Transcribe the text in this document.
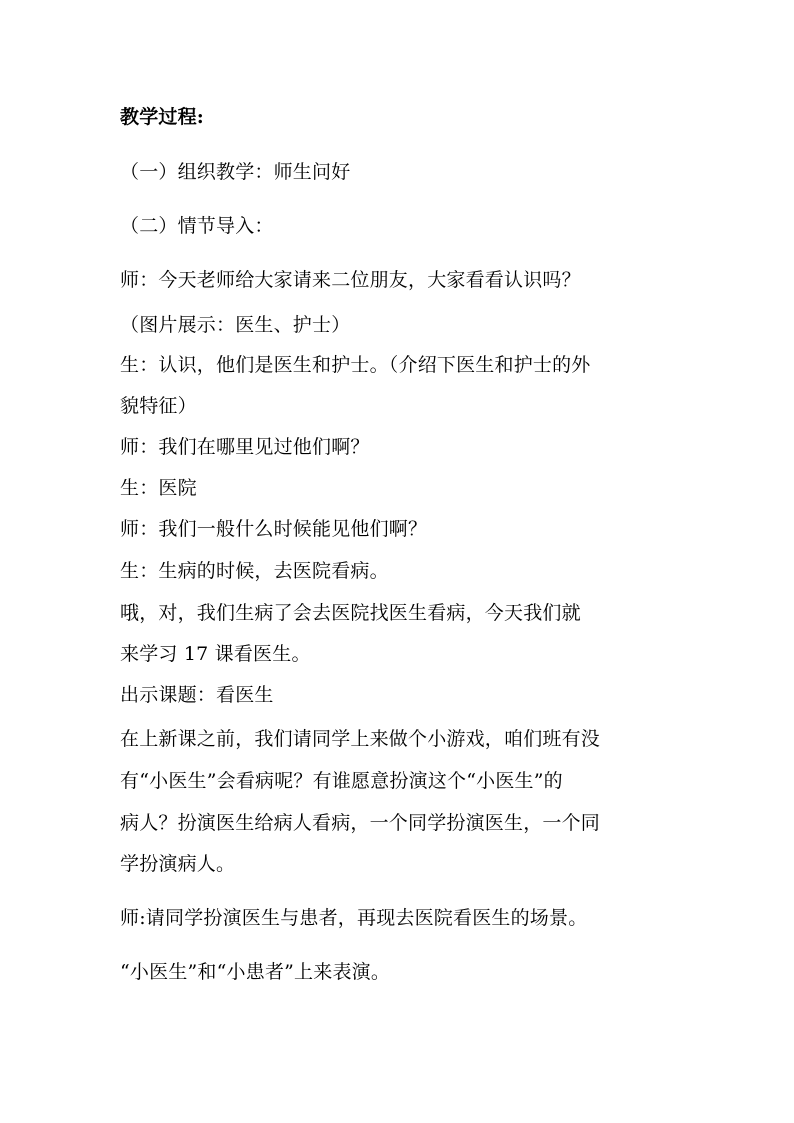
教学过程:
（一）组织教学：师生问好
（二）情节导入：
师：今天老师给大家请来二位朋友，大家看看认识吗？
（图片展示：医生、护士）
生：认识，他们是医生和护士。（介绍下医生和护士的外
貌特征）
师：我们在哪里见过他们啊？
生：医院
师：我们一般什么时候能见他们啊？
生：生病的时候，去医院看病。
哦，对，我们生病了会去医院找医生看病，今天我们就
来学习 17 课看医生。
出示课题：看医生
在上新课之前，我们请同学上来做个小游戏，咱们班有没
有“小医生”会看病呢？有谁愿意扮演这个“小医生”的
病人？扮演医生给病人看病，一个同学扮演医生，一个同
学扮演病人。
师:请同学扮演医生与患者，再现去医院看医生的场景。
“小医生”和“小患者”上来表演。
